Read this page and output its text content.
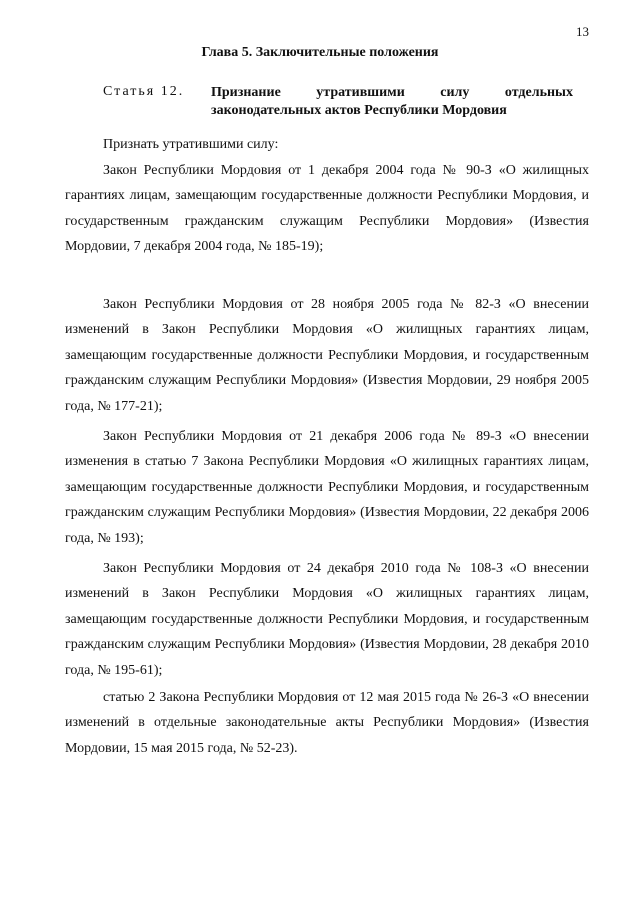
13
Глава 5. Заключительные положения
Статья 12. Признание утратившими силу отдельных законодательных актов Республики Мордовия
Признать утратившими силу:
Закон Республики Мордовия от 1 декабря 2004 года № 90-З «О жилищных гарантиях лицам, замещающим государственные должности Республики Мордовия, и государственным гражданским служащим Республики Мордовия» (Известия Мордовии, 7 декабря 2004 года, № 185-19);
Закон Республики Мордовия от 28 ноября 2005 года № 82-З «О внесении изменений в Закон Республики Мордовия «О жилищных гарантиях лицам, замещающим государственные должности Республики Мордовия, и государственным гражданским служащим Республики Мордовия» (Известия Мордовии, 29 ноября 2005 года, № 177-21);
Закон Республики Мордовия от 21 декабря 2006 года № 89-З «О внесении изменения в статью 7 Закона Республики Мордовия «О жилищных гарантиях лицам, замещающим государственные должности Республики Мордовия, и государственным гражданским служащим Республики Мордовия» (Известия Мордовии, 22 декабря 2006 года, № 193);
Закон Республики Мордовия от 24 декабря 2010 года № 108-З «О внесении изменений в Закон Республики Мордовия «О жилищных гарантиях лицам, замещающим государственные должности Республики Мордовия, и государственным гражданским служащим Республики Мордовия» (Известия Мордовии, 28 декабря 2010 года, № 195-61);
статью 2 Закона Республики Мордовия от 12 мая 2015 года № 26-З «О внесении изменений в отдельные законодательные акты Республики Мордовия» (Известия Мордовии, 15 мая 2015 года, № 52-23).
